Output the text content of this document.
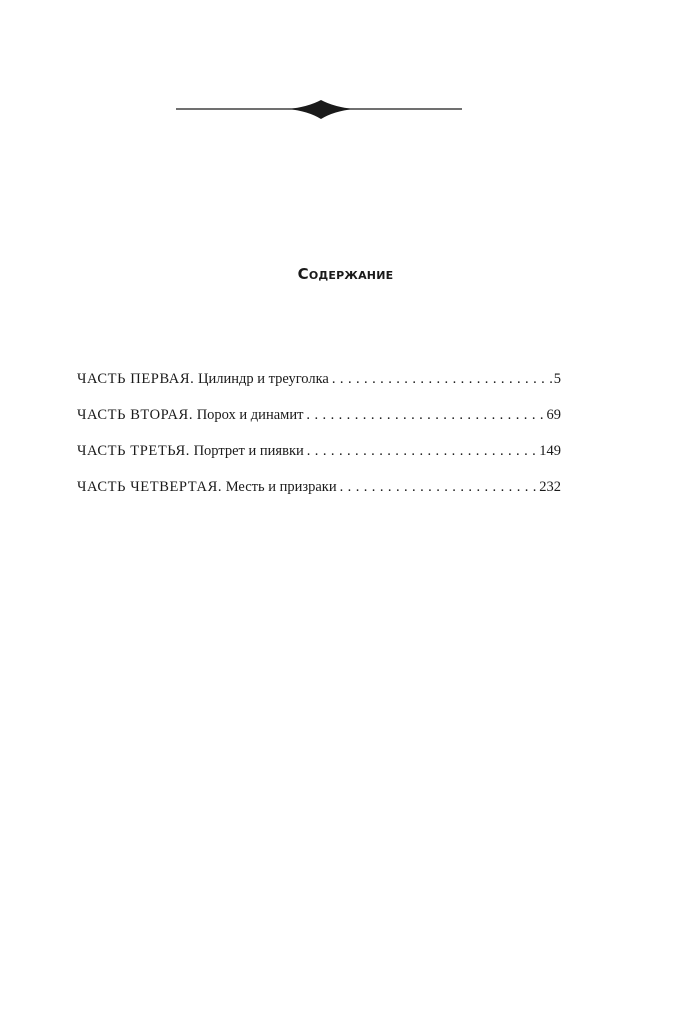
Содержание
ЧАСТЬ ПЕРВАЯ. Цилиндр и треуголка . . .	5
ЧАСТЬ ВТОРАЯ. Порох и динамит . . .	69
ЧАСТЬ ТРЕТЬЯ. Портрет и пиявки . . .	149
ЧАСТЬ ЧЕТВЕРТАЯ. Месть и призраки . . .	232
